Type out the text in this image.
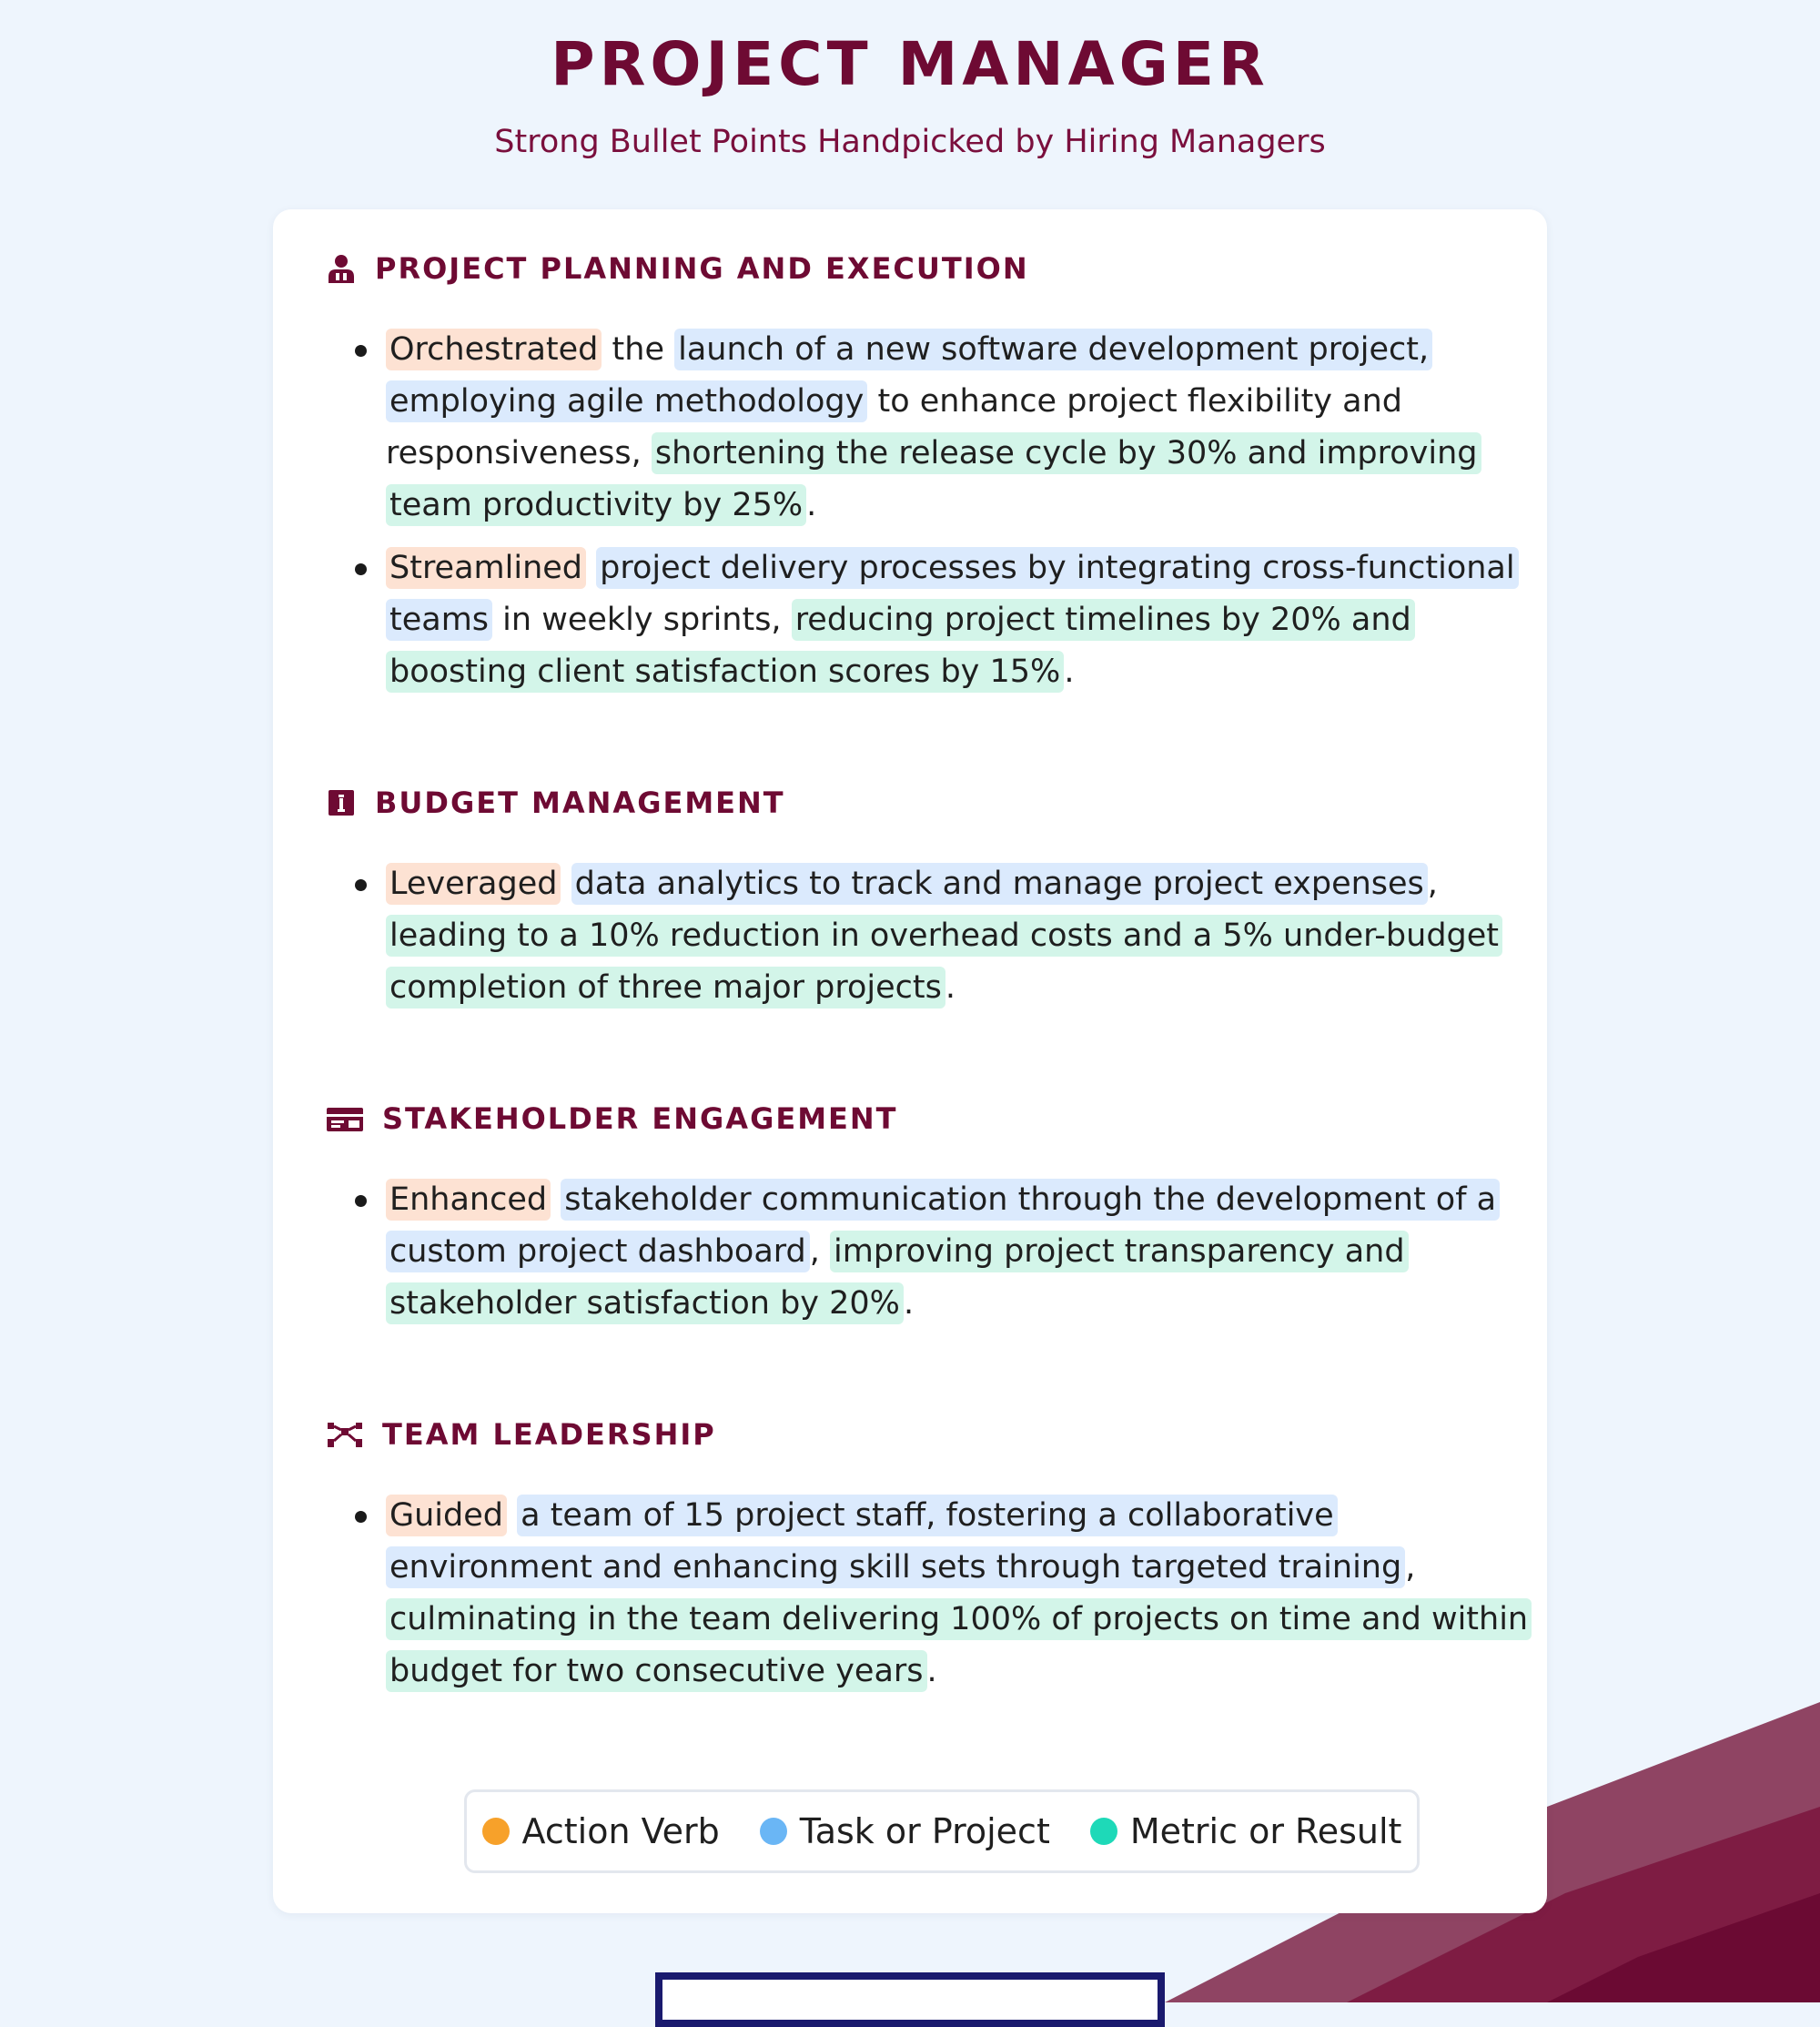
PROJECT MANAGER
Strong Bullet Points Handpicked by Hiring Managers
PROJECT PLANNING AND EXECUTION
Orchestrated the launch of a new software development project, employing agile methodology to enhance project flexibility and responsiveness, shortening the release cycle by 30% and improving team productivity by 25% .
Streamlined project delivery processes by integrating cross-functional teams in weekly sprints, reducing project timelines by 20% and boosting client satisfaction scores by 15% .
BUDGET MANAGEMENT
Leveraged data analytics to track and manage project expenses , leading to a 10% reduction in overhead costs and a 5% under-budget completion of three major projects .
STAKEHOLDER ENGAGEMENT
Enhanced stakeholder communication through the development of a custom project dashboard , improving project transparency and stakeholder satisfaction by 20% .
TEAM LEADERSHIP
Guided a team of 15 project staff, fostering a collaborative environment and enhancing skill sets through targeted training , culminating in the team delivering 100% of projects on time and within budget for two consecutive years .
Action Verb Task or Project Metric or Result
